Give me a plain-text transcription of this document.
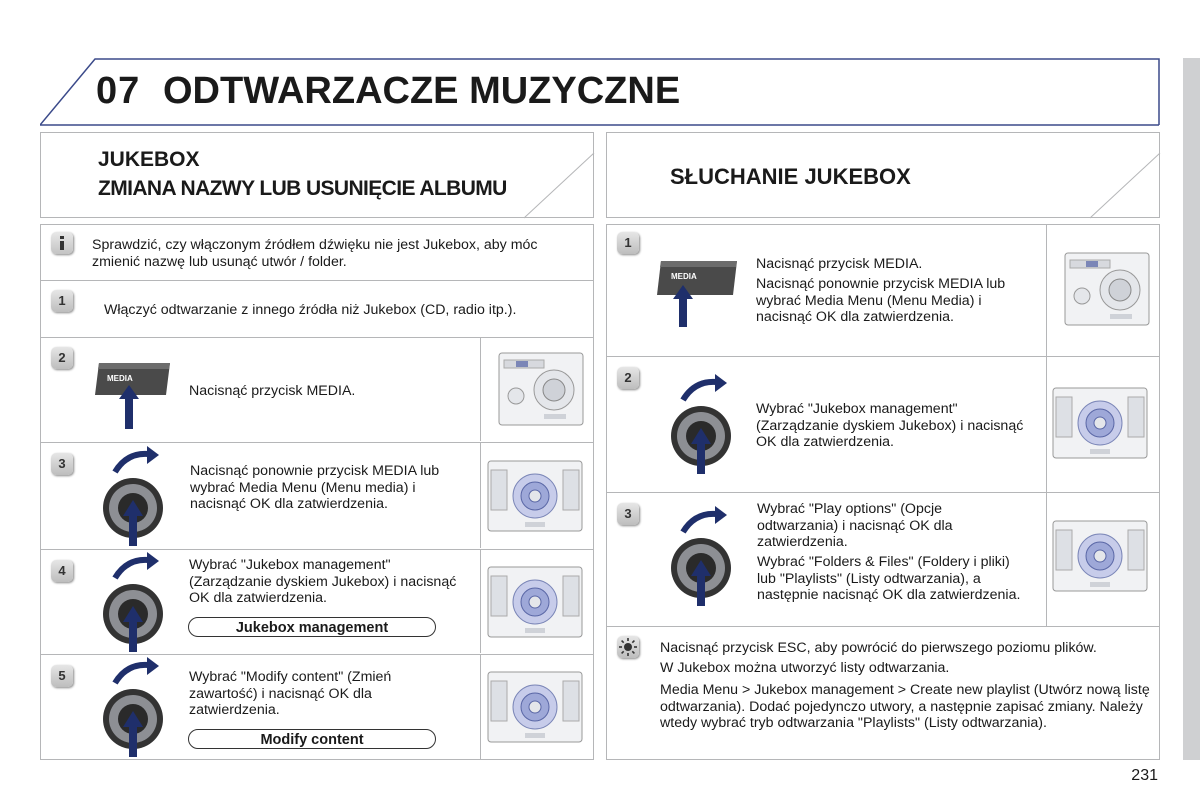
07 ODTWARZACZE MUZYCZNE
JUKEBOX
ZMIANA NAZWY LUB USUNIĘCIE ALBUMU
Sprawdzić, czy włączonym źródłem dźwięku nie jest Jukebox, aby móc zmienić nazwę lub usunąć utwór / folder.
1
Włączyć odtwarzanie z innego źródła niż Jukebox (CD, radio itp.).
2
MEDIA
Nacisnąć przycisk MEDIA.
3	Nacisnąć ponownie przycisk MEDIA lub wybrać Media Menu (Menu media) i nacisnąć OK dla zatwierdzenia.
4	Wybrać "Jukebox management" (Zarządzanie dyskiem Jukebox) i nacisnąć OK dla zatwierdzenia.
Jukebox management
5	Wybrać "Modify content" (Zmień zawartość) i nacisnąć OK dla zatwierdzenia.
Modify content
SŁUCHANIE JUKEBOX
1
MEDIA
Nacisnąć przycisk MEDIA.
Nacisnąć ponownie przycisk MEDIA lub wybrać Media Menu (Menu Media) i nacisnąć OK dla zatwierdzenia.
2
Wybrać "Jukebox management" (Zarządzanie dyskiem Jukebox) i nacisnąć OK dla zatwierdzenia.
3	Wybrać "Play options" (Opcje odtwarzania) i nacisnąć OK dla zatwierdzenia.
Wybrać "Folders & Files" (Foldery i pliki) lub "Playlists" (Listy odtwarzania), a następnie nacisnąć OK dla zatwierdzenia.
Nacisnąć przycisk ESC, aby powrócić do pierwszego poziomu plików.
W Jukebox można utworzyć listy odtwarzania.
Media Menu > Jukebox management > Create new playlist (Utwórz nową listę odtwarzania). Dodać pojedynczo utwory, a następnie zapisać zmiany. Należy wtedy wybrać tryb odtwarzania "Playlists" (Listy odtwarzania).
231
